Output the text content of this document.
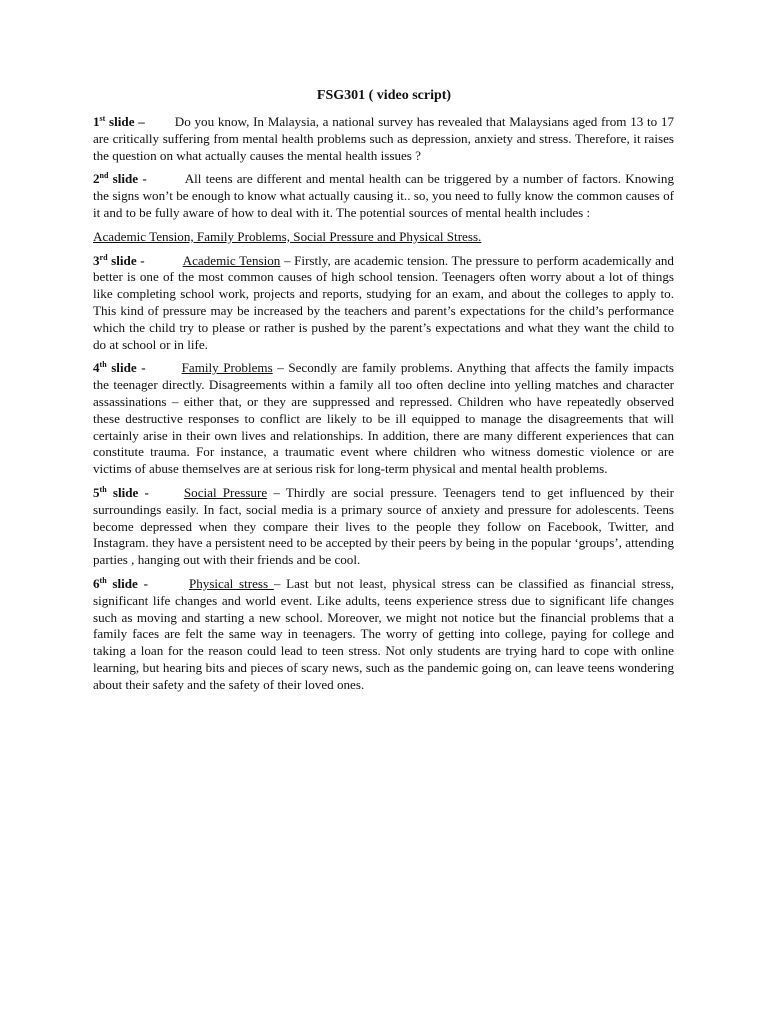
FSG301 ( video script)

1st slide – Do you know, In Malaysia, a national survey has revealed that Malaysians aged from 13 to 17 are critically suffering from mental health problems such as depression, anxiety and stress. Therefore, it raises the question on what actually causes the mental health issues ?

2nd slide -	All teens are different and mental health can be triggered by a number of factors. Knowing the signs won’t be enough to know what actually causing it.. so, you need to fully know the common causes of it and to be fully aware of how to deal with it. The potential sources of mental health includes :

Academic Tension, Family Problems, Social Pressure and Physical Stress.

3rd slide -	Academic Tension – Firstly, are academic tension. The pressure to perform academically and better is one of the most common causes of high school tension. Teenagers often worry about a lot of things like completing school work, projects and reports, studying for an exam, and about the colleges to apply to. This kind of pressure may be increased by the teachers and parent’s expectations for the child’s performance which the child try to please or rather is pushed by the parent’s expectations and what they want the child to do at school or in life.

4th slide -	Family Problems – Secondly are family problems. Anything that affects the family impacts the teenager directly. Disagreements within a family all too often decline into yelling matches and character assassinations – either that, or they are suppressed and repressed. Children who have repeatedly observed these destructive responses to conflict are likely to be ill equipped to manage the disagreements that will certainly arise in their own lives and relationships. In addition, there are many different experiences that can constitute trauma. For instance, a traumatic event where children who witness domestic violence or are victims of abuse themselves are at serious risk for long-term physical and mental health problems.

5th slide -	Social Pressure – Thirdly are social pressure. Teenagers tend to get influenced by their surroundings easily. In fact, social media is a primary source of anxiety and pressure for adolescents. Teens become depressed when they compare their lives to the people they follow on Facebook, Twitter, and Instagram. they have a persistent need to be accepted by their peers by being in the popular ‘groups’, attending parties , hanging out with their friends and be cool.

6th slide -	Physical stress – Last but not least, physical stress can be classified as financial stress, significant life changes and world event. Like adults, teens experience stress due to significant life changes such as moving and starting a new school. Moreover, we might not notice but the financial problems that a family faces are felt the same way in teenagers. The worry of getting into college, paying for college and taking a loan for the reason could lead to teen stress. Not only students are trying hard to cope with online learning, but hearing bits and pieces of scary news, such as the pandemic going on, can leave teens wondering about their safety and the safety of their loved ones.
